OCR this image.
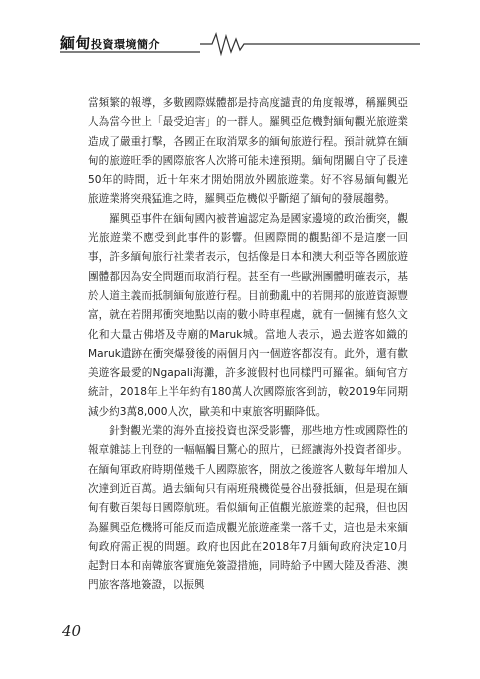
緬甸投資環境簡介

當頻繁的報導，多數國際媒體都是持高度譴責的角度報導，稱羅興亞人為當今世上「最受迫害」的一群人。羅興亞危機對緬甸觀光旅遊業造成了嚴重打擊，各國正在取消眾多的緬甸旅遊行程。預計就算在緬甸的旅遊旺季的國際旅客人次將可能未達預期。緬甸閉關自守了長達50年的時間，近十年來才開始開放外國旅遊業。好不容易緬甸觀光旅遊業將突飛猛進之時，羅興亞危機似乎斷絕了緬甸的發展趨勢。

羅興亞事件在緬甸國內被普遍認定為是國家邊境的政治衝突，觀光旅遊業不應受到此事件的影響。但國際間的觀點卻不是這麼一回事，許多緬甸旅行社業者表示，包括像是日本和澳大利亞等各國旅遊團體都因為安全問題而取消行程。甚至有一些歐洲團體明確表示，基於人道主義而抵制緬甸旅遊行程。目前動亂中的若開邦的旅遊資源豐富，就在若開邦衝突地點以南的數小時車程處，就有一個擁有悠久文化和大量古佛塔及寺廟的Maruk城。當地人表示，過去遊客如織的Maruk遺跡在衝突爆發後的兩個月內一個遊客都沒有。此外，還有歡美遊客最愛的Ngapali海灘，許多渡假村也同樣門可羅雀。緬甸官方統計，2018年上半年約有180萬人次國際旅客到訪，較2019年同期減少約3萬8,000人次，歐美和中東旅客明顯降低。

針對觀光業的海外直接投資也深受影響，那些地方性或國際性的報章雜誌上刊登的一幅幅觸目驚心的照片，已經讓海外投資者卻步。在緬甸軍政府時期僅幾千人國際旅客，開放之後遊客人數每年增加人次達到近百萬。過去緬甸只有兩班飛機從曼谷出發抵緬，但是現在緬甸有數百架每日國際航班。看似緬甸正值觀光旅遊業的起飛，但也因為羅興亞危機將可能反而造成觀光旅遊產業一落千丈，這也是未來緬甸政府需正視的問題。政府也因此在2018年7月緬甸政府決定10月起對日本和南韓旅客實施免簽證措施，同時給予中國大陸及香港、澳門旅客落地簽證，以振興

40
